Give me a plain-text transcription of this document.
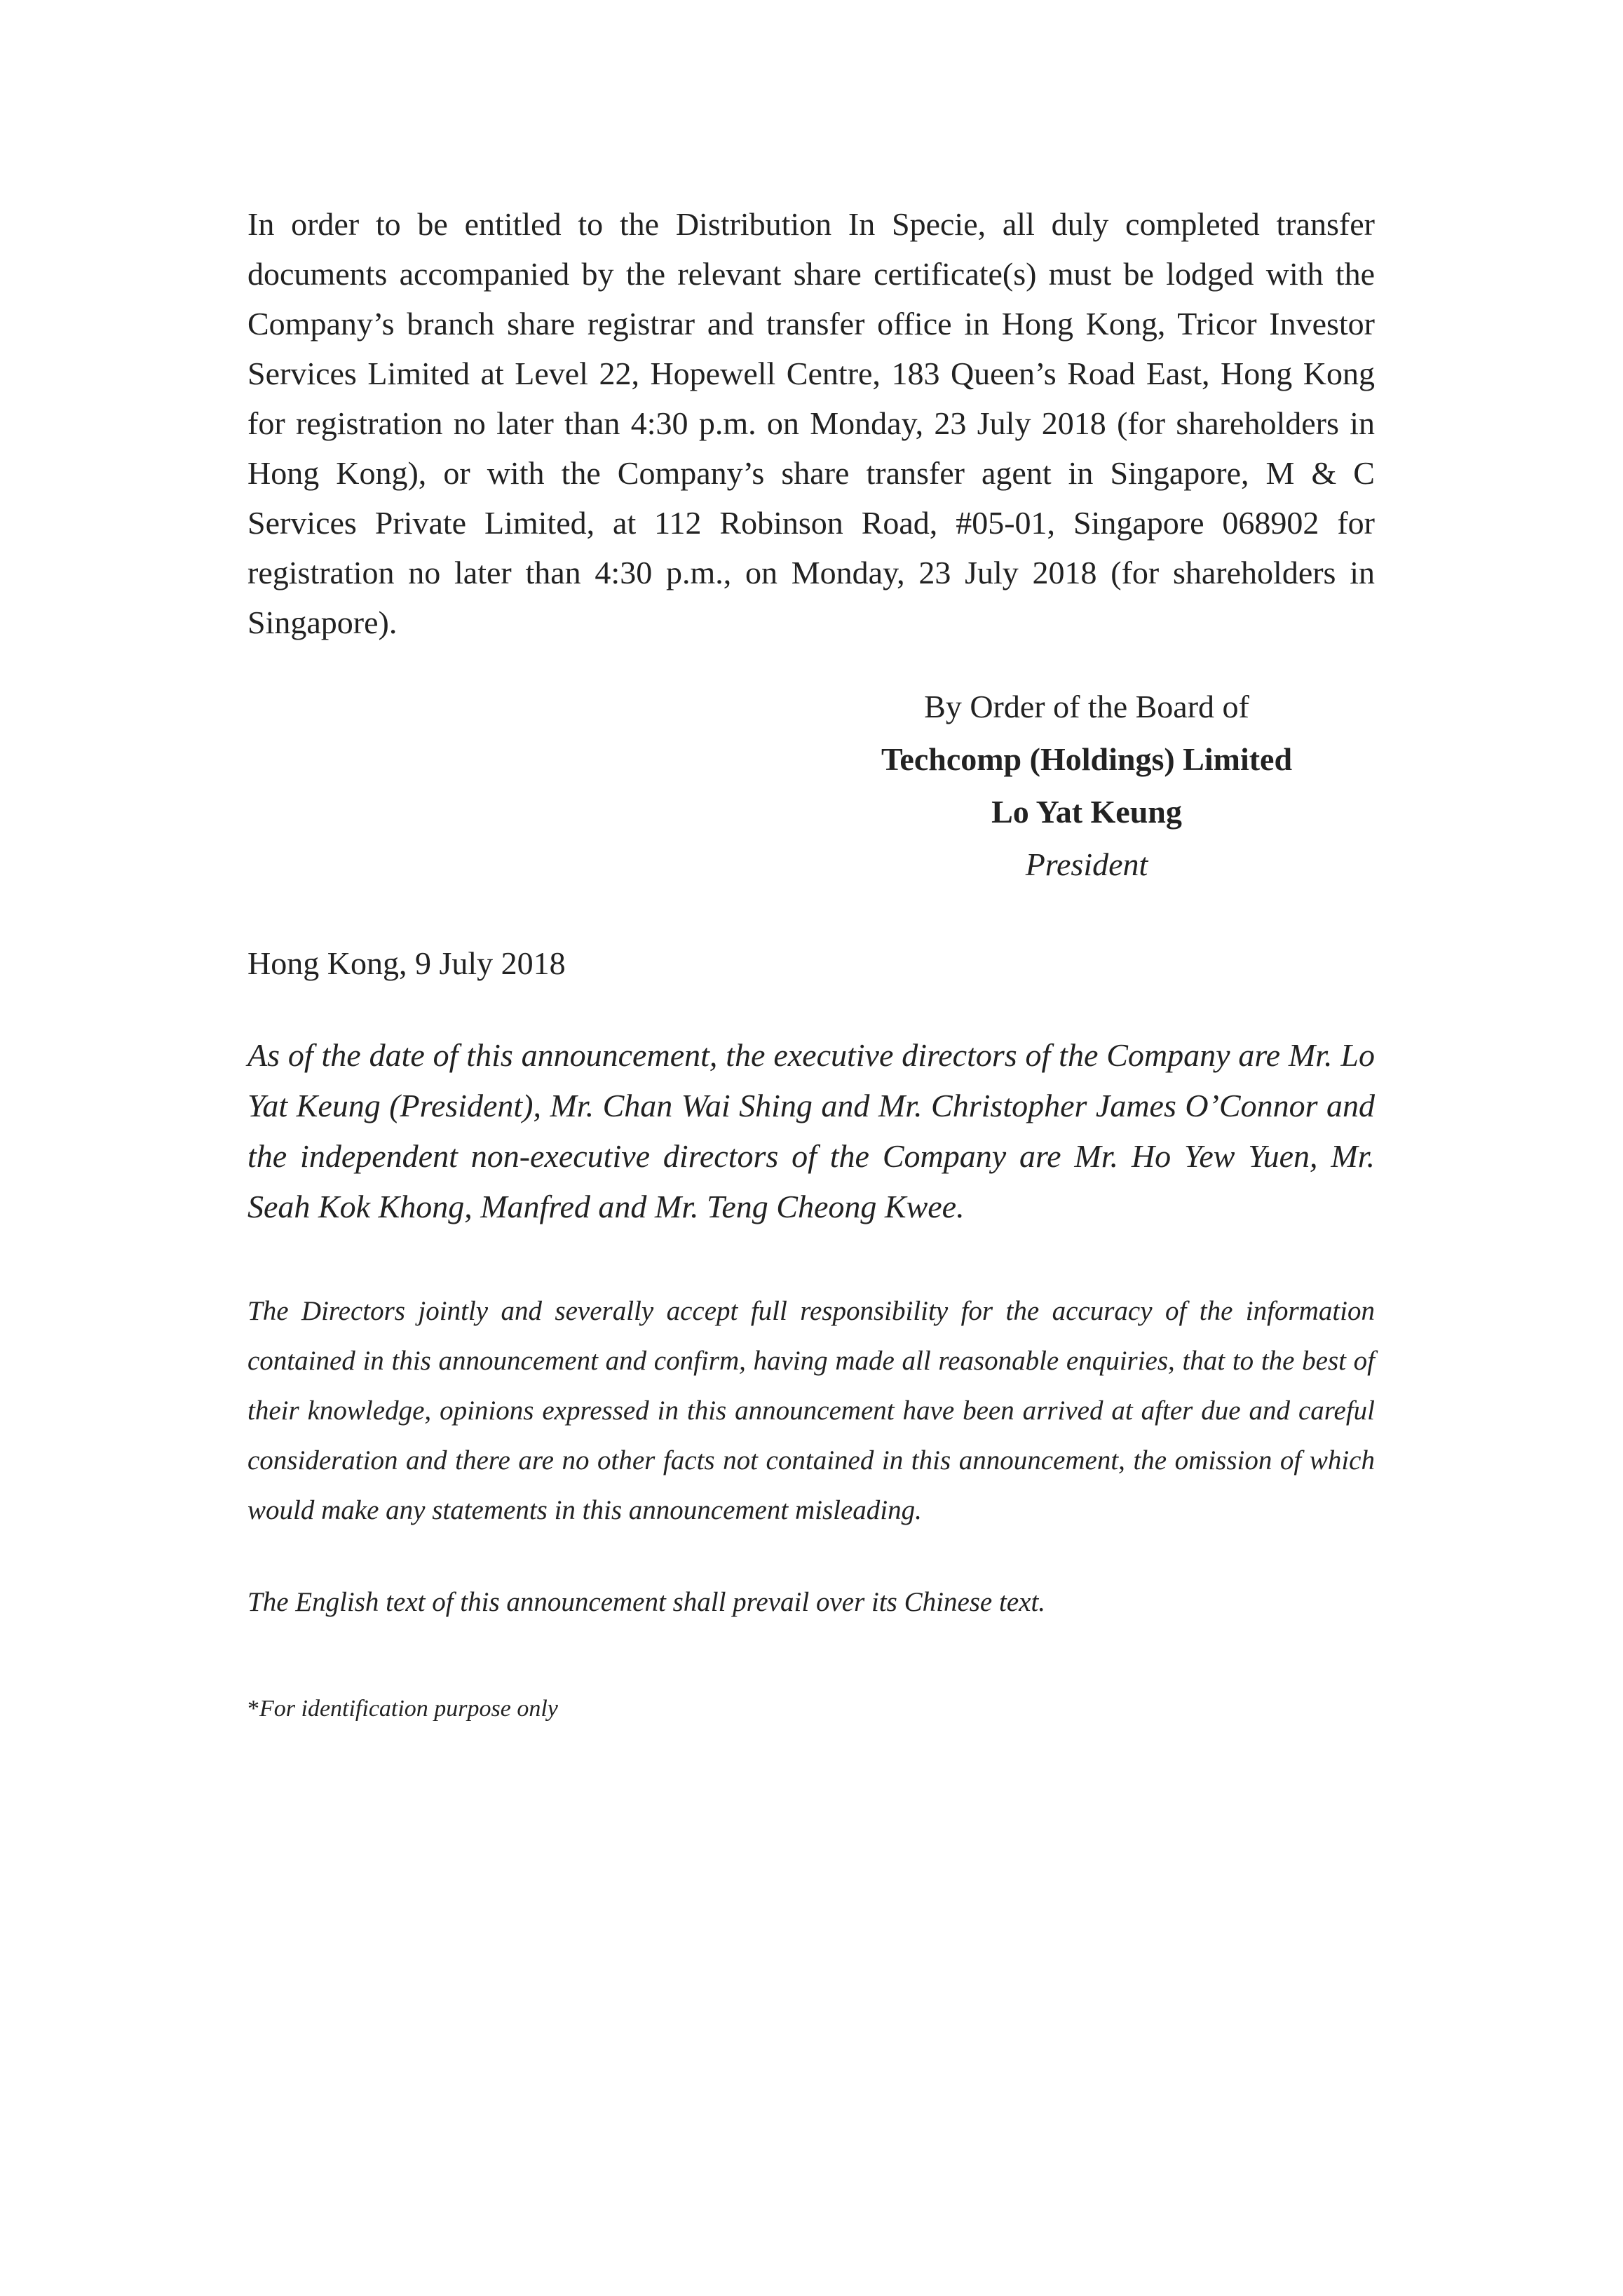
In order to be entitled to the Distribution In Specie, all duly completed transfer documents accompanied by the relevant share certificate(s) must be lodged with the Company’s branch share registrar and transfer office in Hong Kong, Tricor Investor Services Limited at Level 22, Hopewell Centre, 183 Queen’s Road East, Hong Kong for registration no later than 4:30 p.m. on Monday, 23 July 2018 (for shareholders in Hong Kong), or with the Company’s share transfer agent in Singapore, M & C Services Private Limited, at 112 Robinson Road, #05-01, Singapore 068902 for registration no later than 4:30 p.m., on Monday, 23 July 2018 (for shareholders in Singapore).

By Order of the Board of
Techcomp (Holdings) Limited
Lo Yat Keung
President

Hong Kong, 9 July 2018

As of the date of this announcement, the executive directors of the Company are Mr. Lo Yat Keung (President), Mr. Chan Wai Shing and Mr. Christopher James O’Connor and the independent non-executive directors of the Company are Mr. Ho Yew Yuen, Mr. Seah Kok Khong, Manfred and Mr. Teng Cheong Kwee.

The Directors jointly and severally accept full responsibility for the accuracy of the information contained in this announcement and confirm, having made all reasonable enquiries, that to the best of their knowledge, opinions expressed in this announcement have been arrived at after due and careful consideration and there are no other facts not contained in this announcement, the omission of which would make any statements in this announcement misleading.

The English text of this announcement shall prevail over its Chinese text.

*For identification purpose only
